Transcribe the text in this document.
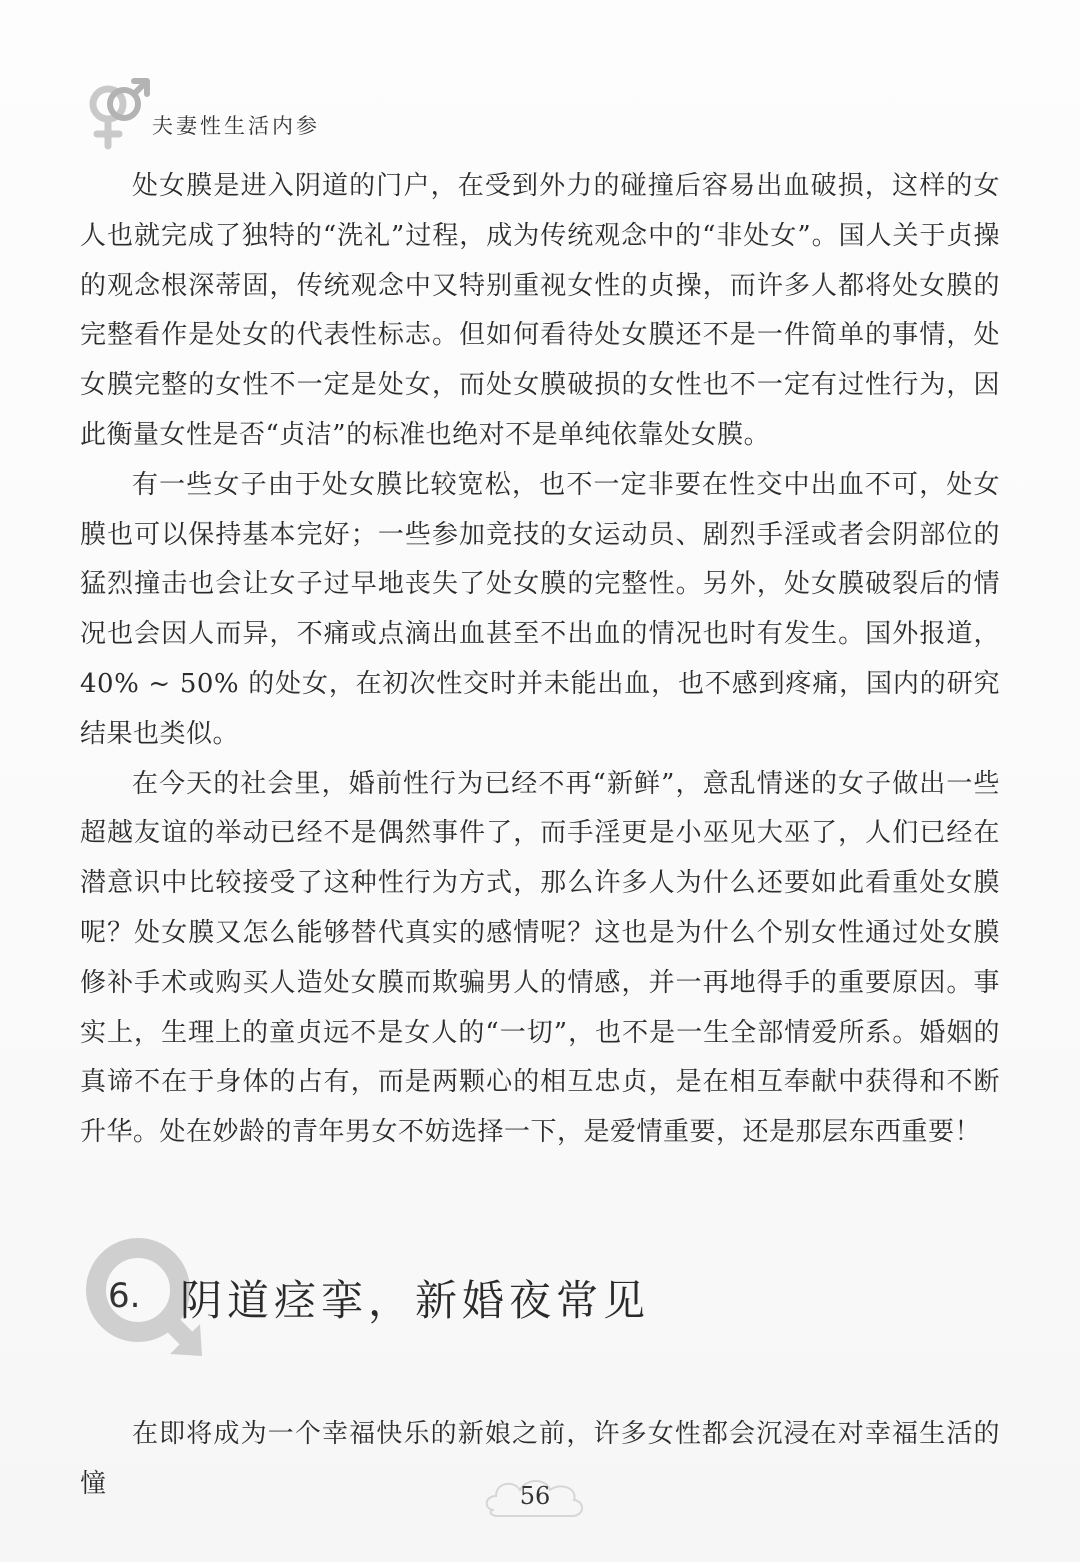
夫妻性生活内参

处女膜是进入阴道的门户，在受到外力的碰撞后容易出血破损，这样的女人也就完成了独特的“洗礼”过程，成为传统观念中的“非处女”。国人关于贞操的观念根深蒂固，传统观念中又特别重视女性的贞操，而许多人都将处女膜的完整看作是处女的代表性标志。但如何看待处女膜还不是一件简单的事情，处女膜完整的女性不一定是处女，而处女膜破损的女性也不一定有过性行为，因此衡量女性是否“贞洁”的标准也绝对不是单纯依靠处女膜。

有一些女子由于处女膜比较宽松，也不一定非要在性交中出血不可，处女膜也可以保持基本完好；一些参加竞技的女运动员、剧烈手淫或者会阴部位的猛烈撞击也会让女子过早地丧失了处女膜的完整性。另外，处女膜破裂后的情况也会因人而异，不痛或点滴出血甚至不出血的情况也时有发生。国外报道，40% ~ 50% 的处女，在初次性交时并未能出血，也不感到疼痛，国内的研究结果也类似。

在今天的社会里，婚前性行为已经不再“新鲜”，意乱情迷的女子做出一些超越友谊的举动已经不是偶然事件了，而手淫更是小巫见大巫了，人们已经在潜意识中比较接受了这种性行为方式，那么许多人为什么还要如此看重处女膜呢？处女膜又怎么能够替代真实的感情呢？这也是为什么个别女性通过处女膜修补手术或购买人造处女膜而欺骗男人的情感，并一再地得手的重要原因。事实上，生理上的童贞远不是女人的“一切”，也不是一生全部情爱所系。婚姻的真谛不在于身体的占有，而是两颗心的相互忠贞，是在相互奉献中获得和不断升华。处在妙龄的青年男女不妨选择一下，是爱情重要，还是那层东西重要！

6. 阴道痉挛，新婚夜常见

在即将成为一个幸福快乐的新娘之前，许多女性都会沉浸在对幸福生活的憧	56
